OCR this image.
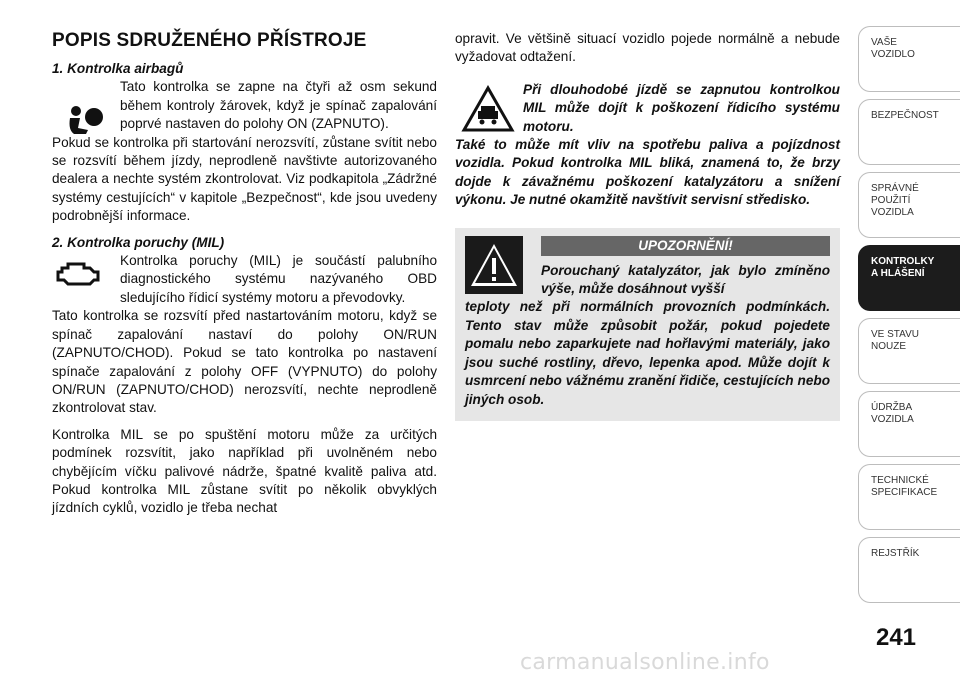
POPIS SDRUŽENÉHO PŘÍSTROJE

1. Kontrolka airbagů

Tato kontrolka se zapne na čtyři až osm sekund během kontroly žárovek, když je spínač zapalování poprvé nastaven do polohy ON (ZAPNUTO).

Pokud se kontrolka při startování nerozsvítí, zůstane svítit nebo se rozsvítí během jízdy, neprodleně navštivte autorizovaného dealera a nechte systém zkontrolovat. Viz podkapitola „Zádržné systémy cestujících“ v kapitole „Bezpečnost“, kde jsou uvedeny podrobnější informace.

2. Kontrolka poruchy (MIL)

Kontrolka poruchy (MIL) je součástí palubního diagnostického systému nazývaného OBD sledujícího řídicí systémy motoru a převodovky.

Tato kontrolka se rozsvítí před nastartováním motoru, když se spínač zapalování nastaví do polohy ON/RUN (ZAPNUTO/CHOD). Pokud se tato kontrolka po nastavení spínače zapalování z polohy OFF (VYPNUTO) do polohy ON/RUN (ZAPNUTO/CHOD) nerozsvítí, nechte neprodleně zkontrolovat stav.

Kontrolka MIL se po spuštění motoru může za určitých podmínek rozsvítit, jako například při uvolněném nebo chybějícím víčku palivové nádrže, špatné kvalitě paliva atd. Pokud kontrolka MIL zůstane svítit po několik obvyklých jízdních cyklů, vozidlo je třeba nechat

opravit. Ve většině situací vozidlo pojede normálně a nebude vyžadovat odtažení.

Při dlouhodobé jízdě se zapnutou kontrolkou MIL může dojít k poškození řídicího systému motoru.
Také to může mít vliv na spotřebu paliva a pojízdnost vozidla. Pokud kontrolka MIL bliká, znamená to, že brzy dojde k závažnému poškození katalyzátoru a snížení výkonu. Je nutné okamžitě navštívit servisní středisko.
UPOZORNĚNÍ!
Porouchaný katalyzátor, jak bylo zmíněno výše, může dosáhnout vyšší
teploty než při normálních provozních podmínkách. Tento stav může způsobit požár, pokud pojedete pomalu nebo zaparkujete nad hořlavými materiály, jako jsou suché rostliny, dřevo, lepenka apod. Může dojít k usmrcení nebo vážnému zranění řidiče, cestujících nebo jiných osob.
VAŠE
VOZIDLO
BEZPEČNOST
SPRÁVNÉ
POUŽITÍ
VOZIDLA
KONTROLKY
A HLÁŠENÍ
VE STAVU
NOUZE
ÚDRŽBA
VOZIDLA
TECHNICKÉ
SPECIFIKACE
REJSTŘÍK
241
carmanualsonline.info
